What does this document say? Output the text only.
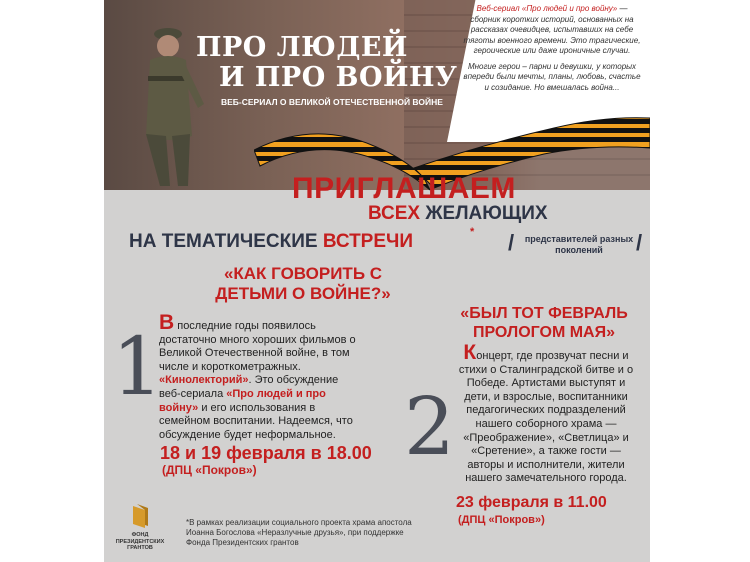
ПРО ЛЮДЕЙ
И ПРО ВОЙНУ
ВЕБ-СЕРИАЛ О ВЕЛИКОЙ ОТЕЧЕСТВЕННОЙ ВОЙНЕ

Веб-сериал «Про людей и про войну» — сборник коротких историй, основанных на рассказах очевидцев, испытавших на себе тяготы военного времени. Это трагические, героические или даже ироничные случаи.

Многие герои – парни и девушки, у которых впереди были мечты, планы, любовь, счастье и созидание. Но вмешалась война...

ПРИГЛАШАЕМ
ВСЕХ ЖЕЛАЮЩИХ
НА ТЕМАТИЧЕСКИЕ ВСТРЕЧИ	* /	представителей разных поколений	/
1
«КАК ГОВОРИТЬ С ДЕТЬМИ О ВОЙНЕ?»
В последние годы появилось достаточно много хороших фильмов о Великой Отечественной войне, в том числе и короткометражных. «Кинолекторий». Это обсуждение веб-сериала «Про людей и про войну» и его использования в семейном воспитании. Надеемся, что обсуждение будет неформальное.
18 и 19 февраля в 18.00
(ДПЦ «Покров») 2
«БЫЛ ТОТ ФЕВРАЛЬ ПРОЛОГОМ МАЯ»
Концерт, где прозвучат песни и стихи о Сталинградской битве и о Победе. Артистами выступят и дети, и взрослые, воспитанники педагогических подразделений нашего соборного храма — «Преображение», «Светлица» и «Сретение», а также гости — авторы и исполнители, жители нашего замечательного города.
23 февраля в 11.00
(ДПЦ «Покров»)
ФОНД ПРЕЗИДЕНТСКИХ ГРАНТОВ
*В рамках реализации социального проекта храма апостола Иоанна Богослова «Неразлучные друзья», при поддержке Фонда Президентских грантов
